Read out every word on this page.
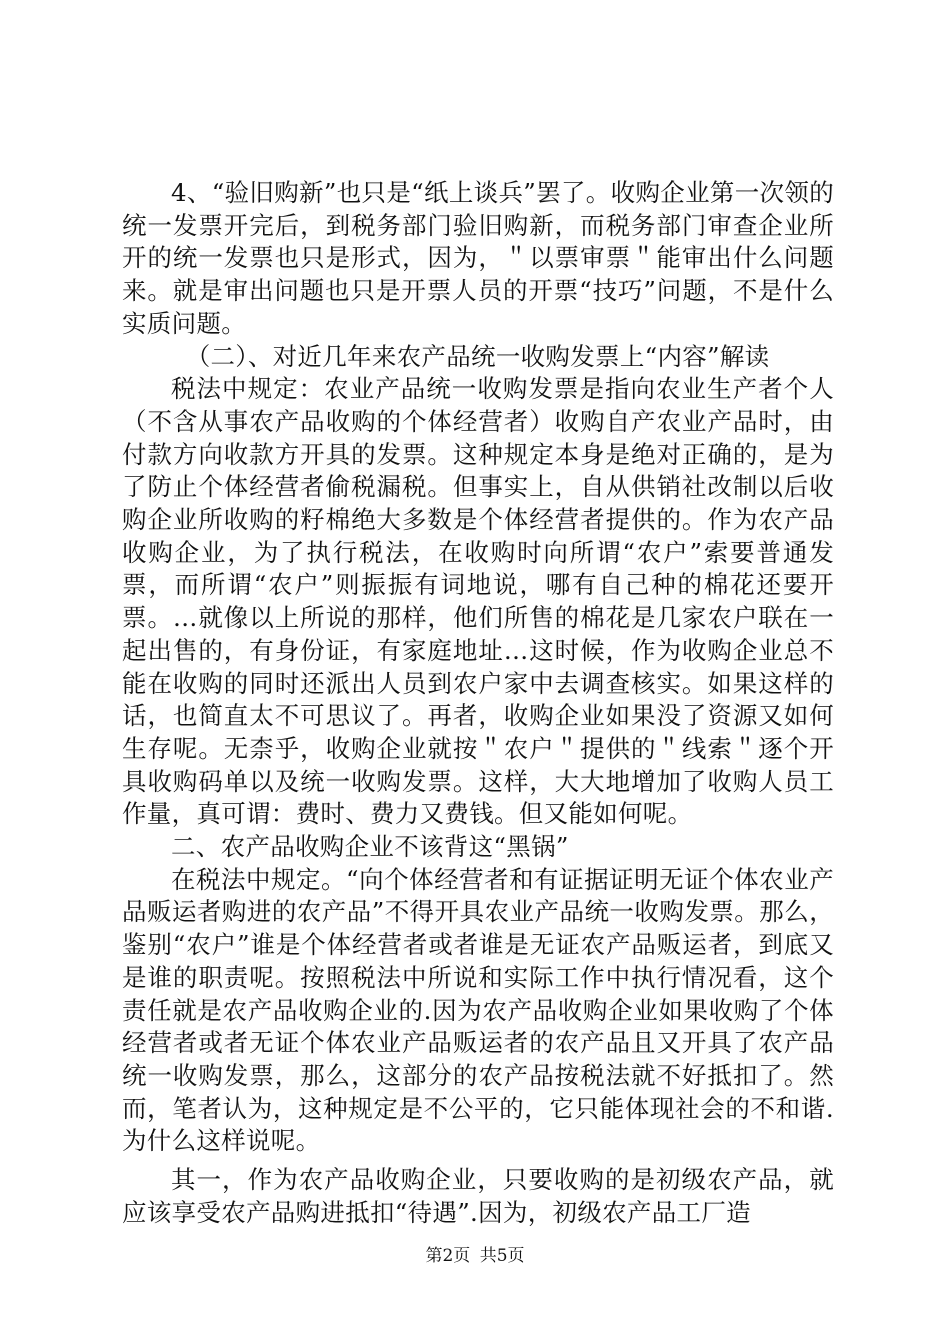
4、“验旧购新”也只是“纸上谈兵”罢了。收购企业第一次领的统一发票开完后，到税务部门验旧购新，而税务部门审查企业所开的统一发票也只是形式，因为，＂以票审票＂能审出什么问题来。就是审出问题也只是开票人员的开票“技巧”问题，不是什么实质问题。

（二）、对近几年来农产品统一收购发票上“内容”解读

税法中规定：农业产品统一收购发票是指向农业生产者个人（不含从事农产品收购的个体经营者）收购自产农业产品时，由付款方向收款方开具的发票。这种规定本身是绝对正确的，是为了防止个体经营者偷税漏税。但事实上，自从供销社改制以后收购企业所收购的籽棉绝大多数是个体经营者提供的。作为农产品收购企业，为了执行税法，在收购时向所谓“农户”索要普通发票，而所谓“农户”则振振有词地说，哪有自己种的棉花还要开票。…就像以上所说的那样，他们所售的棉花是几家农户联在一起出售的，有身份证，有家庭地址…这时候，作为收购企业总不能在收购的同时还派出人员到农户家中去调查核实。如果这样的话，也简直太不可思议了。再者，收购企业如果没了资源又如何生存呢。无柰乎，收购企业就按＂农户＂提供的＂线索＂逐个开具收购码单以及统一收购发票。这样，大大地增加了收购人员工作量，真可谓：费时、费力又费钱。但又能如何呢。

二、农产品收购企业不该背这“黑锅”

在税法中规定。“向个体经营者和有证据证明无证个体农业产品贩运者购进的农产品”不得开具农业产品统一收购发票。那么，鉴别“农户”谁是个体经营者或者谁是无证农产品贩运者，到底又是谁的职责呢。按照税法中所说和实际工作中执行情况看，这个责任就是农产品收购企业的.因为农产品收购企业如果收购了个体经营者或者无证个体农业产品贩运者的农产品且又开具了农产品统一收购发票，那么，这部分的农产品按税法就不好抵扣了。然而，笔者认为，这种规定是不公平的，它只能体现社会的不和谐.为什么这样说呢。

其一，作为农产品收购企业，只要收购的是初级农产品，就应该享受农产品购进抵扣“待遇”.因为，初级农产品工厂造

第2页 共5页
